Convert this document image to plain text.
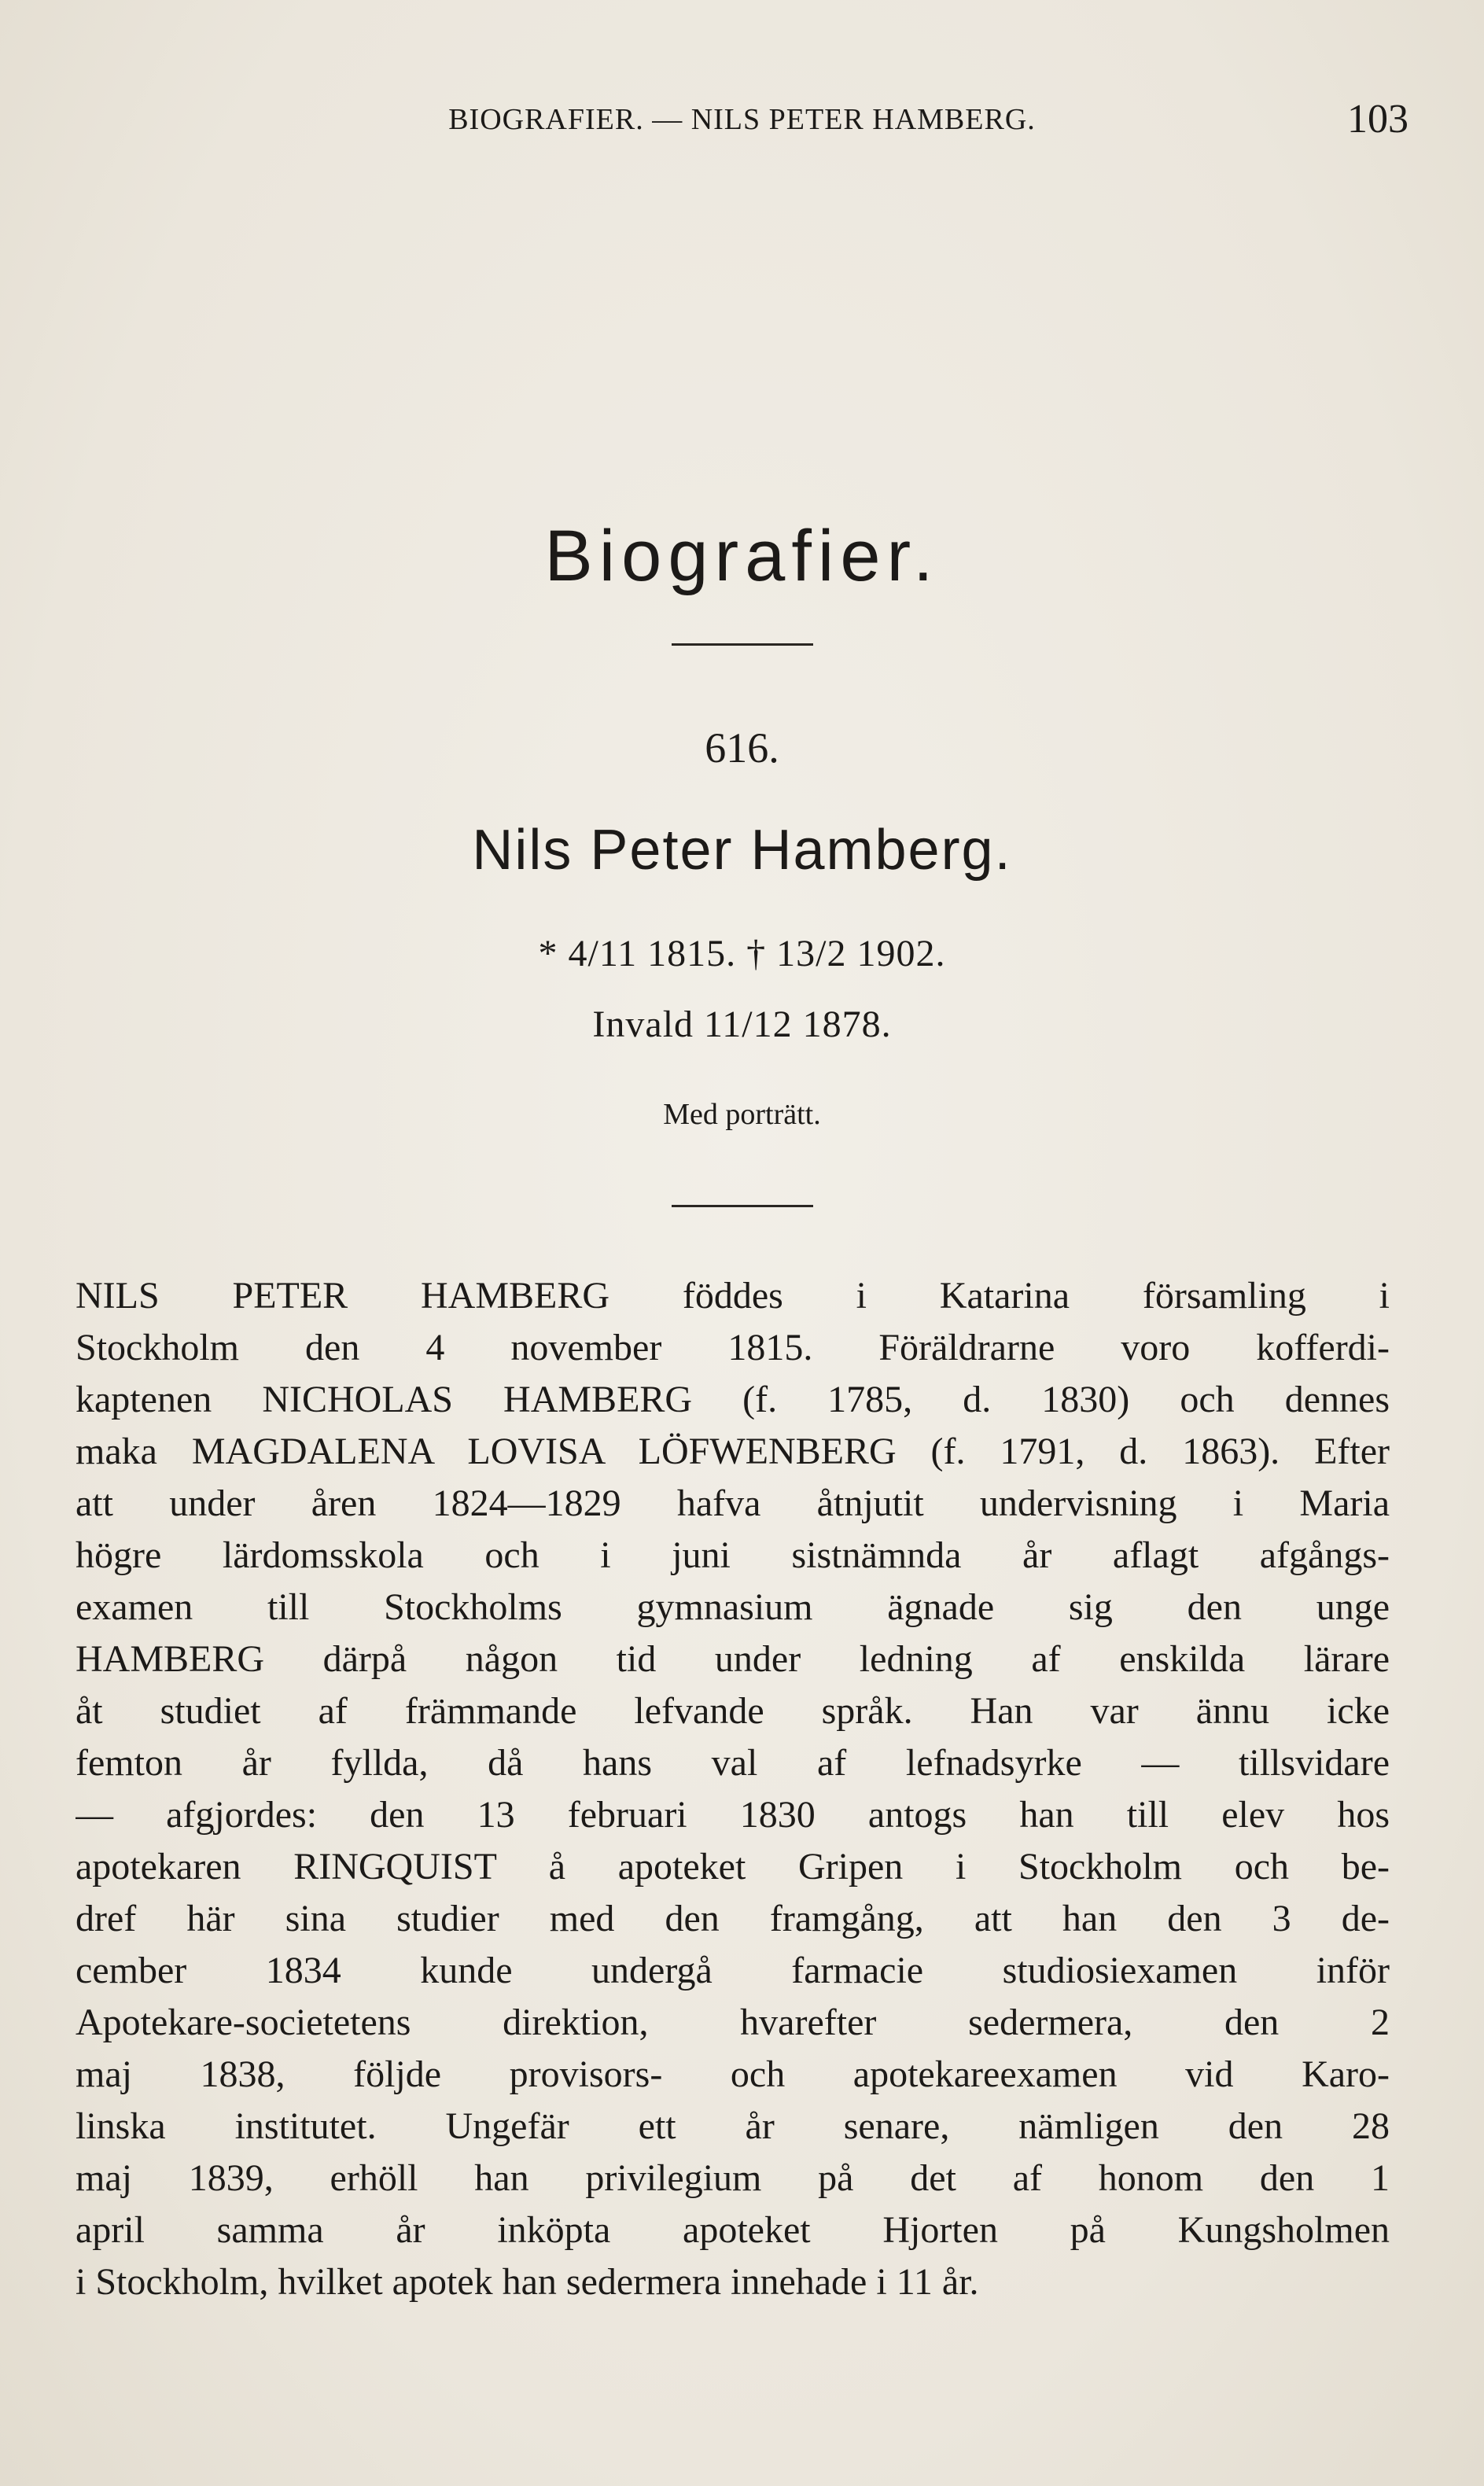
BIOGRAFIER. — NILS PETER HAMBERG.	103
Biografier.
616.
Nils Peter Hamberg.
* 4/11 1815. † 13/2 1902.
Invald 11/12 1878.
Med porträtt.
NILS PETER HAMBERG föddes i Katarina församling i
Stockholm den 4 november 1815. Föräldrarne voro kofferdi-
kaptenen NICHOLAS HAMBERG (f. 1785, d. 1830) och dennes
maka MAGDALENA LOVISA LÖFWENBERG (f. 1791, d. 1863). Efter
att under åren 1824—1829 hafva åtnjutit undervisning i Maria
högre lärdomsskola och i juni sistnämnda år aflagt afgångs-
examen till Stockholms gymnasium ägnade sig den unge
HAMBERG därpå någon tid under ledning af enskilda lärare
åt studiet af främmande lefvande språk. Han var ännu icke
femton år fyllda, då hans val af lefnadsyrke — tillsvidare
— afgjordes: den 13 februari 1830 antogs han till elev hos
apotekaren RINGQUIST å apoteket Gripen i Stockholm och be-
dref här sina studier med den framgång, att han den 3 de-
cember 1834 kunde undergå farmacie studiosiexamen inför
Apotekare-societetens direktion, hvarefter sedermera, den 2
maj 1838, följde provisors- och apotekareexamen vid Karo-
linska institutet. Ungefär ett år senare, nämligen den 28
maj 1839, erhöll han privilegium på det af honom den 1
april samma år inköpta apoteket Hjorten på Kungsholmen
i Stockholm, hvilket apotek han sedermera innehade i 11 år.
